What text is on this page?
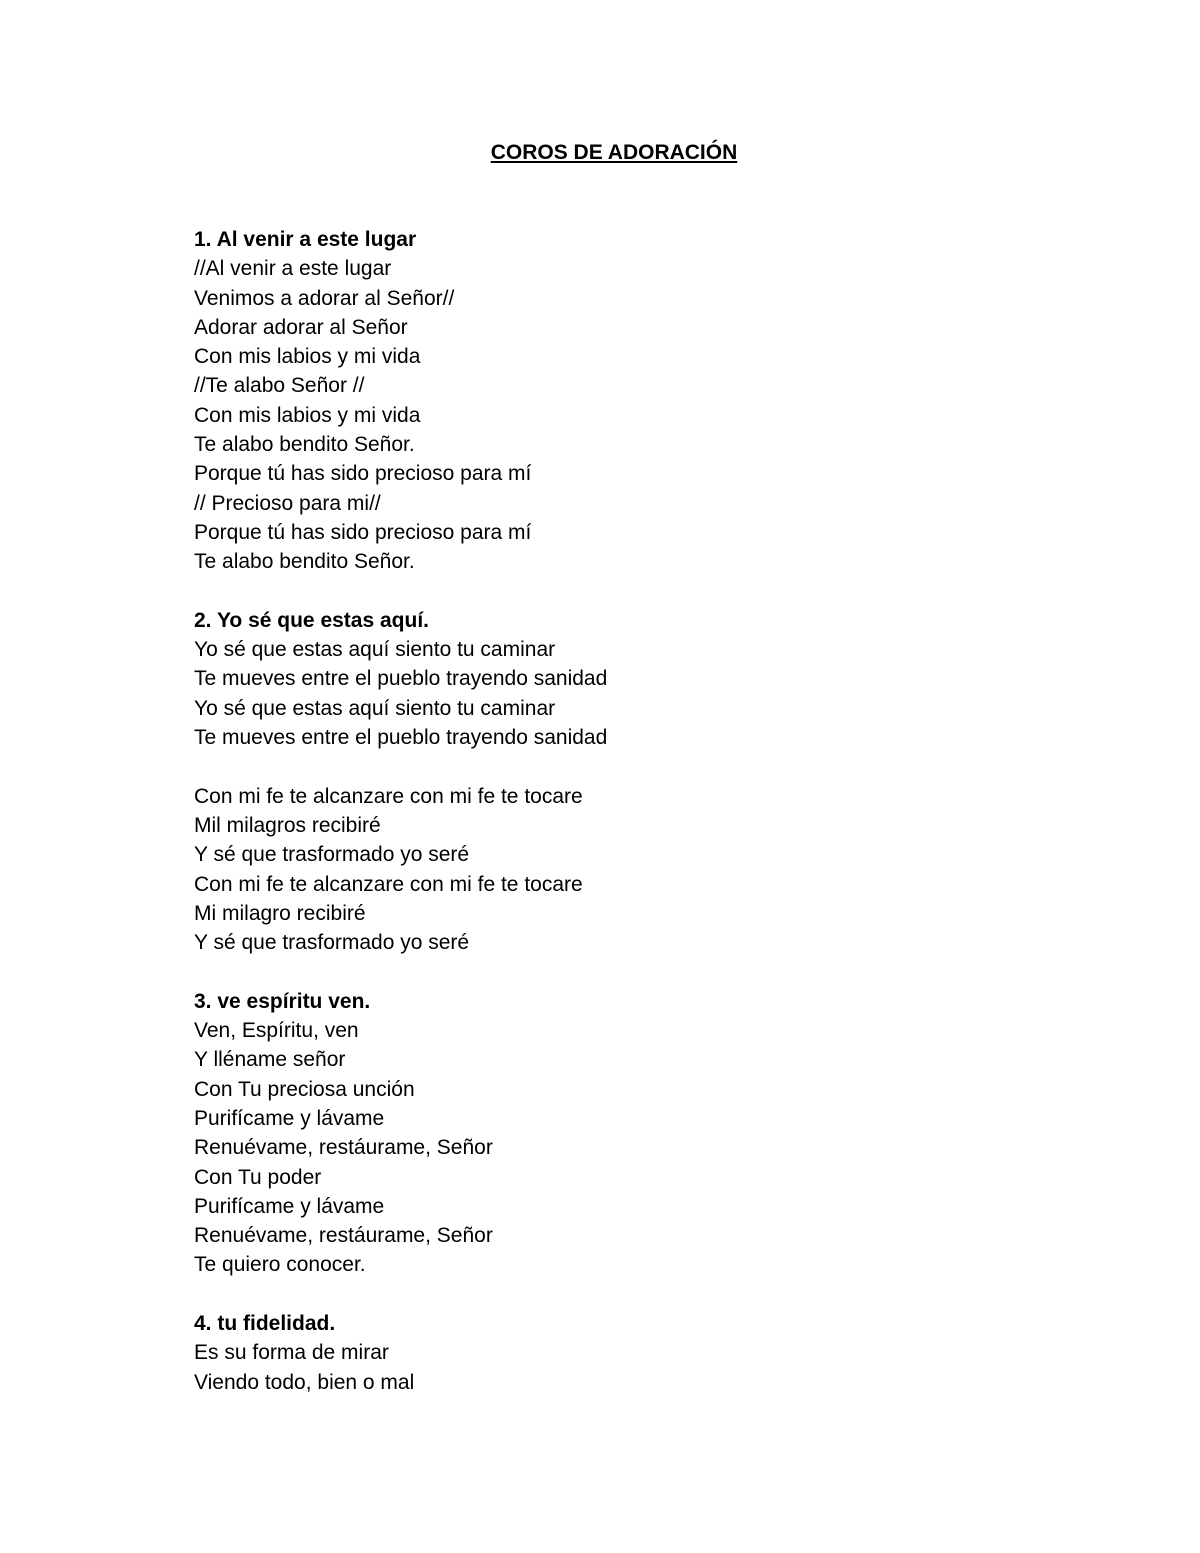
COROS DE ADORACIÓN
1. Al venir a este lugar
//Al venir a este lugar
Venimos a adorar al Señor//
Adorar adorar al Señor
Con mis labios y mi vida
//Te alabo Señor //
Con mis labios y mi vida
Te alabo bendito Señor.
Porque tú has sido precioso para mí
// Precioso para mi//
Porque tú has sido precioso para mí
Te alabo bendito Señor.
2. Yo sé que estas aquí.
Yo sé que estas aquí siento tu caminar
Te mueves entre el pueblo trayendo sanidad
Yo sé que estas aquí siento tu caminar
Te mueves entre el pueblo trayendo sanidad
Con mi fe te alcanzare con mi fe te tocare
Mil milagros recibiré
Y sé que trasformado yo seré
Con mi fe te alcanzare con mi fe te tocare
Mi milagro recibiré
Y sé que trasformado yo seré
3. ve espíritu ven.
Ven, Espíritu, ven
Y lléname señor
Con Tu preciosa unción
Purifícame y lávame
Renuévame, restáurame, Señor
Con Tu poder
Purifícame y lávame
Renuévame, restáurame, Señor
Te quiero conocer.
4. tu fidelidad.
Es su forma de mirar
Viendo todo, bien o mal
